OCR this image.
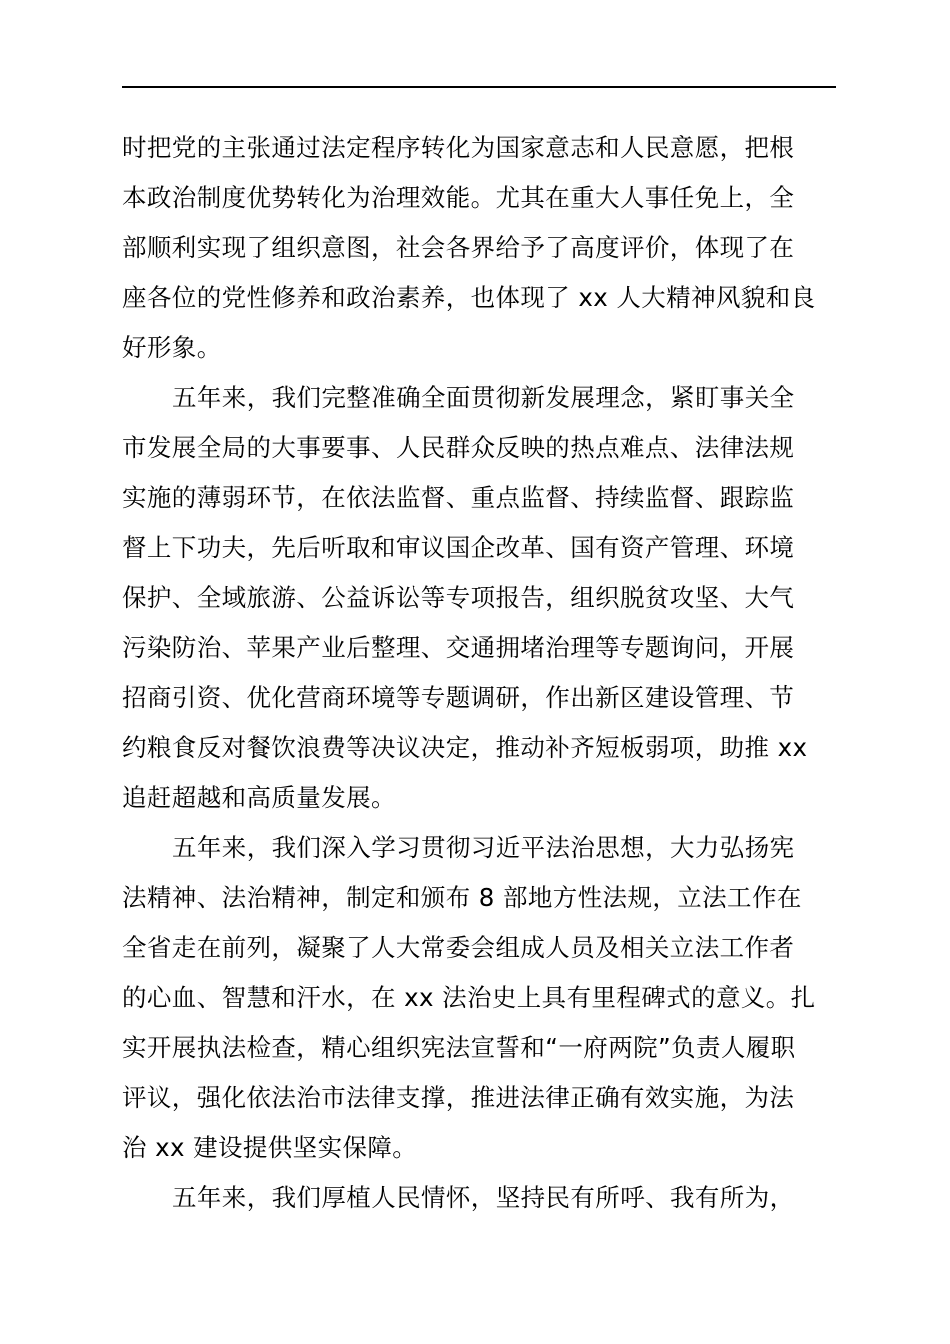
时把党的主张通过法定程序转化为国家意志和人民意愿，把根
本政治制度优势转化为治理效能。尤其在重大人事任免上，全
部顺利实现了组织意图，社会各界给予了高度评价，体现了在
座各位的党性修养和政治素养，也体现了 xx 人大精神风貌和良
好形象。
五年来，我们完整准确全面贯彻新发展理念，紧盯事关全
市发展全局的大事要事、人民群众反映的热点难点、法律法规
实施的薄弱环节，在依法监督、重点监督、持续监督、跟踪监
督上下功夫，先后听取和审议国企改革、国有资产管理、环境
保护、全域旅游、公益诉讼等专项报告，组织脱贫攻坚、大气
污染防治、苹果产业后整理、交通拥堵治理等专题询问，开展
招商引资、优化营商环境等专题调研，作出新区建设管理、节
约粮食反对餐饮浪费等决议决定，推动补齐短板弱项，助推 xx
追赶超越和高质量发展。
五年来，我们深入学习贯彻习近平法治思想，大力弘扬宪
法精神、法治精神，制定和颁布 8 部地方性法规，立法工作在
全省走在前列，凝聚了人大常委会组成人员及相关立法工作者
的心血、智慧和汗水，在 xx 法治史上具有里程碑式的意义。扎
实开展执法检查，精心组织宪法宣誓和“一府两院”负责人履职
评议，强化依法治市法律支撑，推进法律正确有效实施，为法
治 xx 建设提供坚实保障。
五年来，我们厚植人民情怀，坚持民有所呼、我有所为，
